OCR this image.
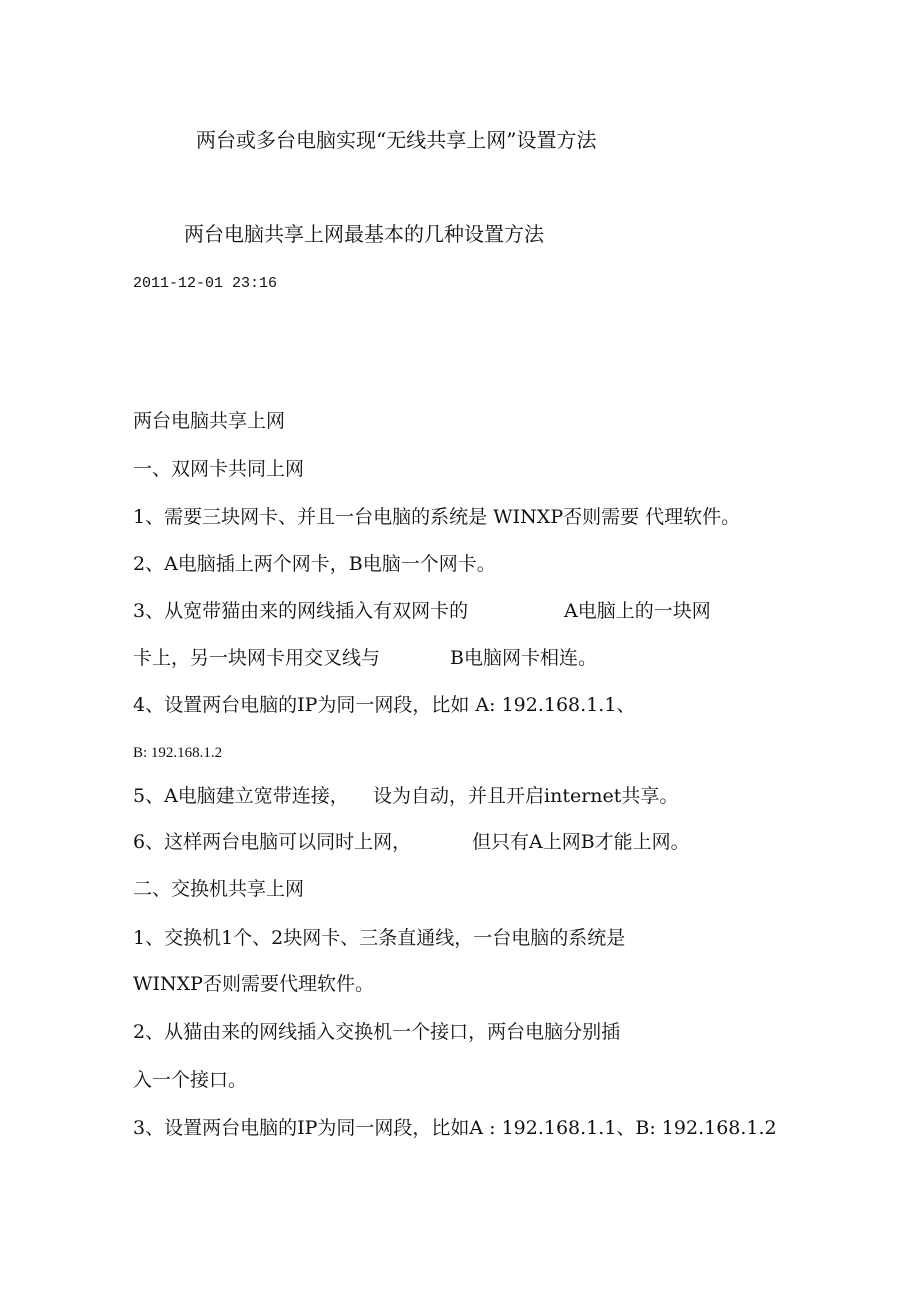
两台或多台电脑实现“无线共享上网”设置方法
两台电脑共享上网最基本的几种设置方法
2011-12-01 23:16
两台电脑共享上网
一、双网卡共同上网
1、需要三块网卡、并且一台电脑的系统是 WINXP否则需要 代理软件。
2、A电脑插上两个网卡，B电脑一个网卡。
3、从宽带猫由来的网线插入有双网卡的	A电脑上的一块网
卡上，另一块网卡用交叉线与	B电脑网卡相连。
4、设置两台电脑的IP为同一网段，比如 A: 192.168.1.1、
B: 192.168.1.2
5、A电脑建立宽带连接， 设为自动，并且开启internet共享。
6、这样两台电脑可以同时上网，	但只有A上网B才能上网。
二、交换机共享上网
1、交换机1个、2块网卡、三条直通线，一台电脑的系统是
WINXP否则需要代理软件。
2、从猫由来的网线插入交换机一个接口，两台电脑分别插
入一个接口。
3、设置两台电脑的IP为同一网段，比如A : 192.168.1.1、B: 192.168.1.2
